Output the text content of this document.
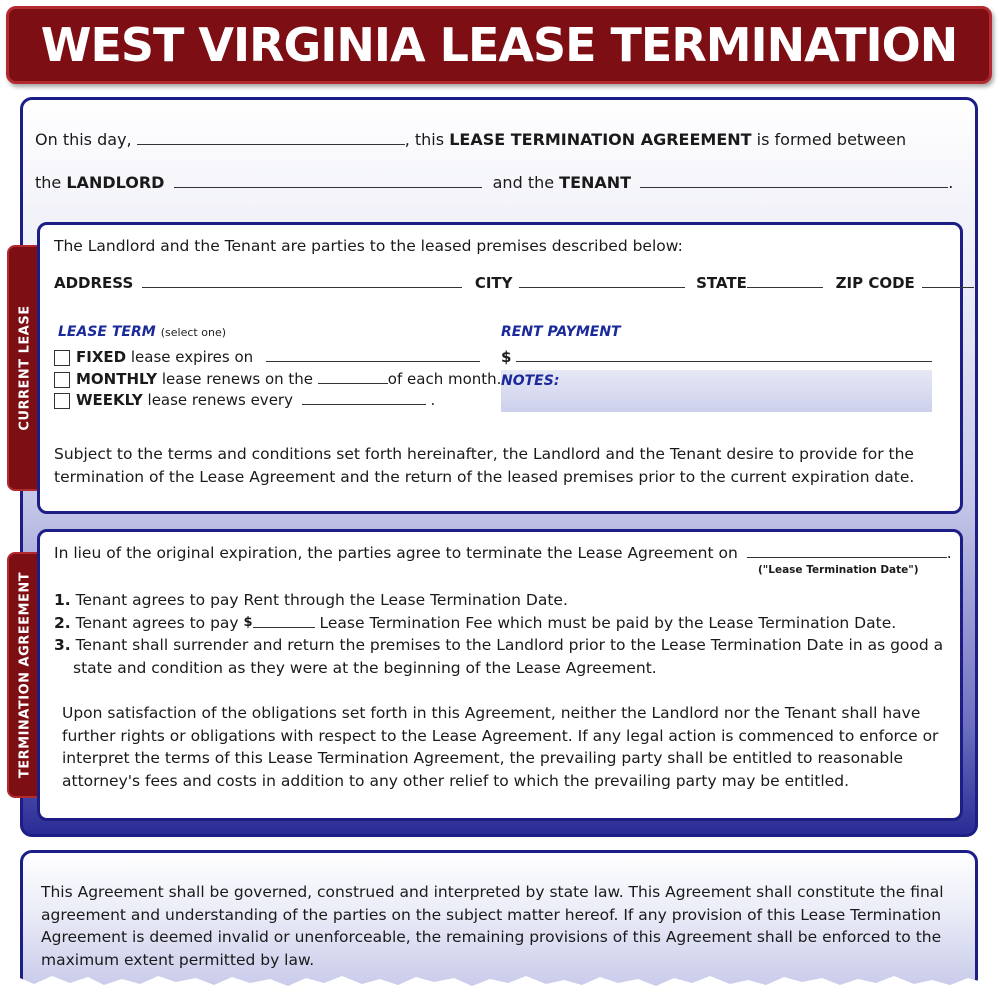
WEST VIRGINIA LEASE TERMINATION
On this day,	, this LEASE TERMINATION AGREEMENT is formed between
the LANDLORD	and the TENANT	.
CURRENT LEASE
The Landlord and the Tenant are parties to the leased premises described below:
ADDRESS	CITY	STATE	ZIP CODE
LEASE TERM (select one)
FIXED lease expires on
MONTHLY lease renews on the	of each month.
WEEKLY lease renews every	.
RENT PAYMENT
$
NOTES:
Subject to the terms and conditions set forth hereinafter, the Landlord and the Tenant desire to provide for the
termination of the Lease Agreement and the return of the leased premises prior to the current expiration date.
TERMINATION AGREEMENT
In lieu of the original expiration, the parties agree to terminate the Lease Agreement on	.
("Lease Termination Date")
1. Tenant agrees to pay Rent through the Lease Termination Date.
2. Tenant agrees to pay $	Lease Termination Fee which must be paid by the Lease Termination Date.
3. Tenant shall surrender and return the premises to the Landlord prior to the Lease Termination Date in as good a
state and condition as they were at the beginning of the Lease Agreement.
Upon satisfaction of the obligations set forth in this Agreement, neither the Landlord nor the Tenant shall have
further rights or obligations with respect to the Lease Agreement. If any legal action is commenced to enforce or
interpret the terms of this Lease Termination Agreement, the prevailing party shall be entitled to reasonable
attorney's fees and costs in addition to any other relief to which the prevailing party may be entitled.
This Agreement shall be governed, construed and interpreted by state law. This Agreement shall constitute the final
agreement and understanding of the parties on the subject matter hereof. If any provision of this Lease Termination
Agreement is deemed invalid or unenforceable, the remaining provisions of this Agreement shall be enforced to the
maximum extent permitted by law.
